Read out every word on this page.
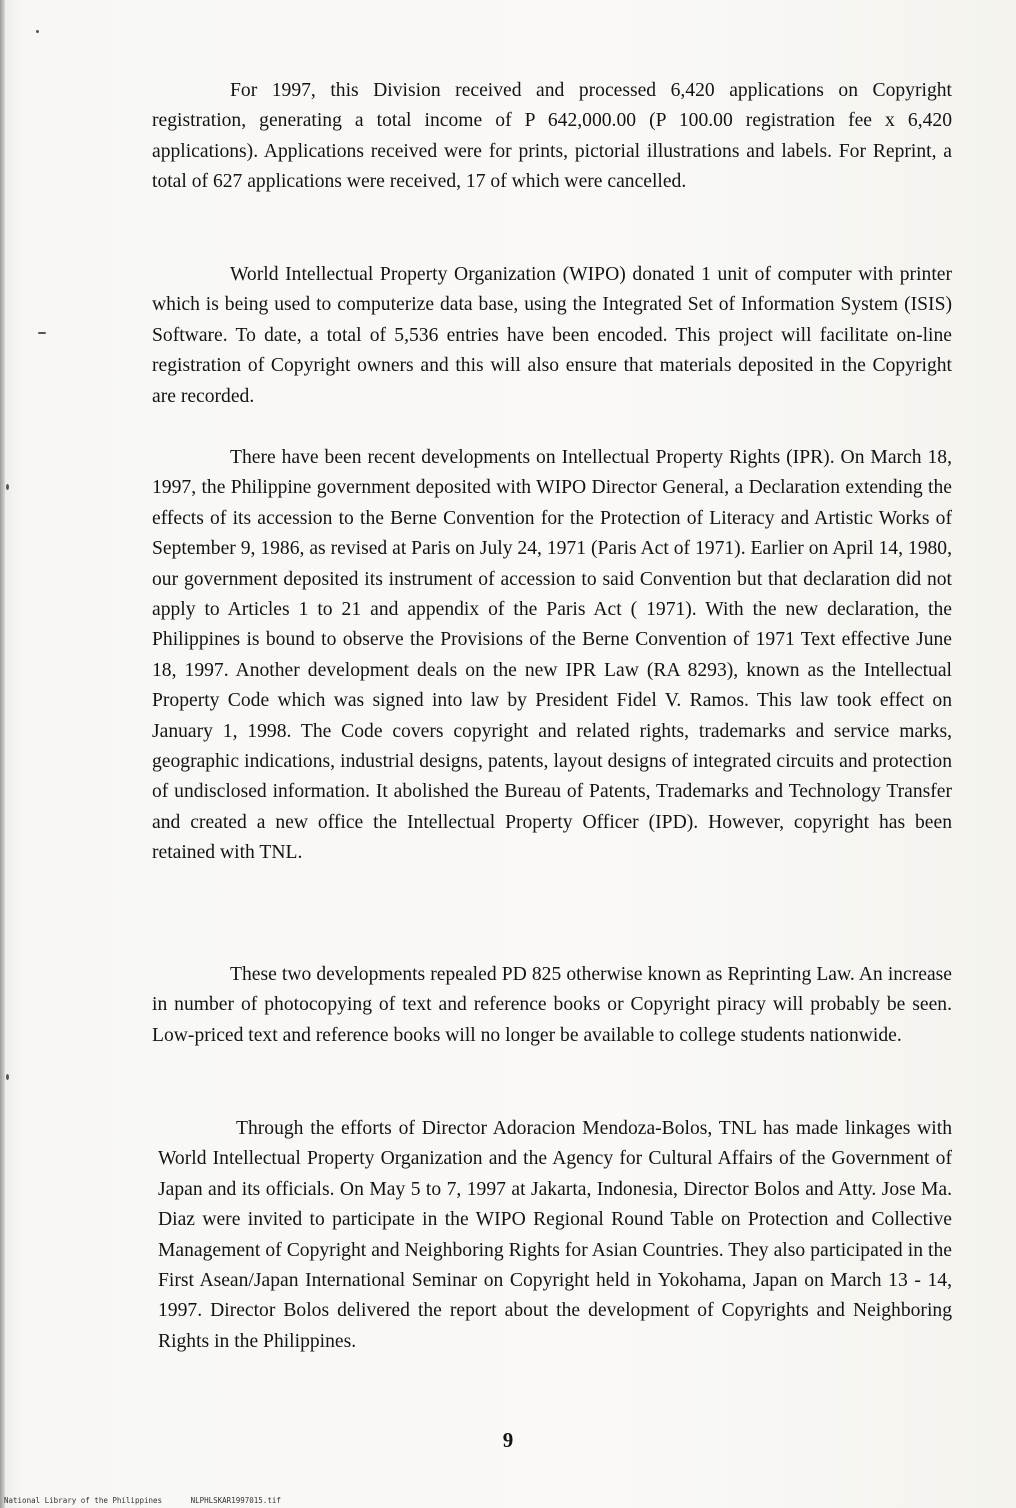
For 1997, this Division received and processed 6,420 applications on Copyright registration, generating a total income of P 642,000.00 (P 100.00 registration fee x 6,420 applications). Applications received were for prints, pictorial illustrations and labels. For Reprint, a total of 627 applications were received, 17 of which were cancelled.

World Intellectual Property Organization (WIPO) donated 1 unit of computer with printer which is being used to computerize data base, using the Integrated Set of Information System (ISIS) Software. To date, a total of 5,536 entries have been encoded. This project will facilitate on-line registration of Copyright owners and this will also ensure that materials deposited in the Copyright are recorded.

There have been recent developments on Intellectual Property Rights (IPR). On March 18, 1997, the Philippine government deposited with WIPO Director General, a Declaration extending the effects of its accession to the Berne Convention for the Protection of Literacy and Artistic Works of September 9, 1986, as revised at Paris on July 24, 1971 (Paris Act of 1971). Earlier on April 14, 1980, our government deposited its instrument of accession to said Convention but that declaration did not apply to Articles 1 to 21 and appendix of the Paris Act ( 1971). With the new declaration, the Philippines is bound to observe the Provisions of the Berne Convention of 1971 Text effective June 18, 1997. Another development deals on the new IPR Law (RA 8293), known as the Intellectual Property Code which was signed into law by President Fidel V. Ramos. This law took effect on January 1, 1998. The Code covers copyright and related rights, trademarks and service marks, geographic indications, industrial designs, patents, layout designs of integrated circuits and protection of undisclosed information. It abolished the Bureau of Patents, Trademarks and Technology Transfer and created a new office the Intellectual Property Officer (IPD). However, copyright has been retained with TNL.

These two developments repealed PD 825 otherwise known as Reprinting Law. An increase in number of photocopying of text and reference books or Copyright piracy will probably be seen. Low-priced text and reference books will no longer be available to college students nationwide.

Through the efforts of Director Adoracion Mendoza-Bolos, TNL has made linkages with World Intellectual Property Organization and the Agency for Cultural Affairs of the Government of Japan and its officials. On May 5 to 7, 1997 at Jakarta, Indonesia, Director Bolos and Atty. Jose Ma. Diaz were invited to participate in the WIPO Regional Round Table on Protection and Collective Management of Copyright and Neighboring Rights for Asian Countries. They also participated in the First Asean/Japan International Seminar on Copyright held in Yokohama, Japan on March 13 - 14, 1997. Director Bolos delivered the report about the development of Copyrights and Neighboring Rights in the Philippines.

9
National Library of the Philippines	NLPHLSKAR1997015.tif
